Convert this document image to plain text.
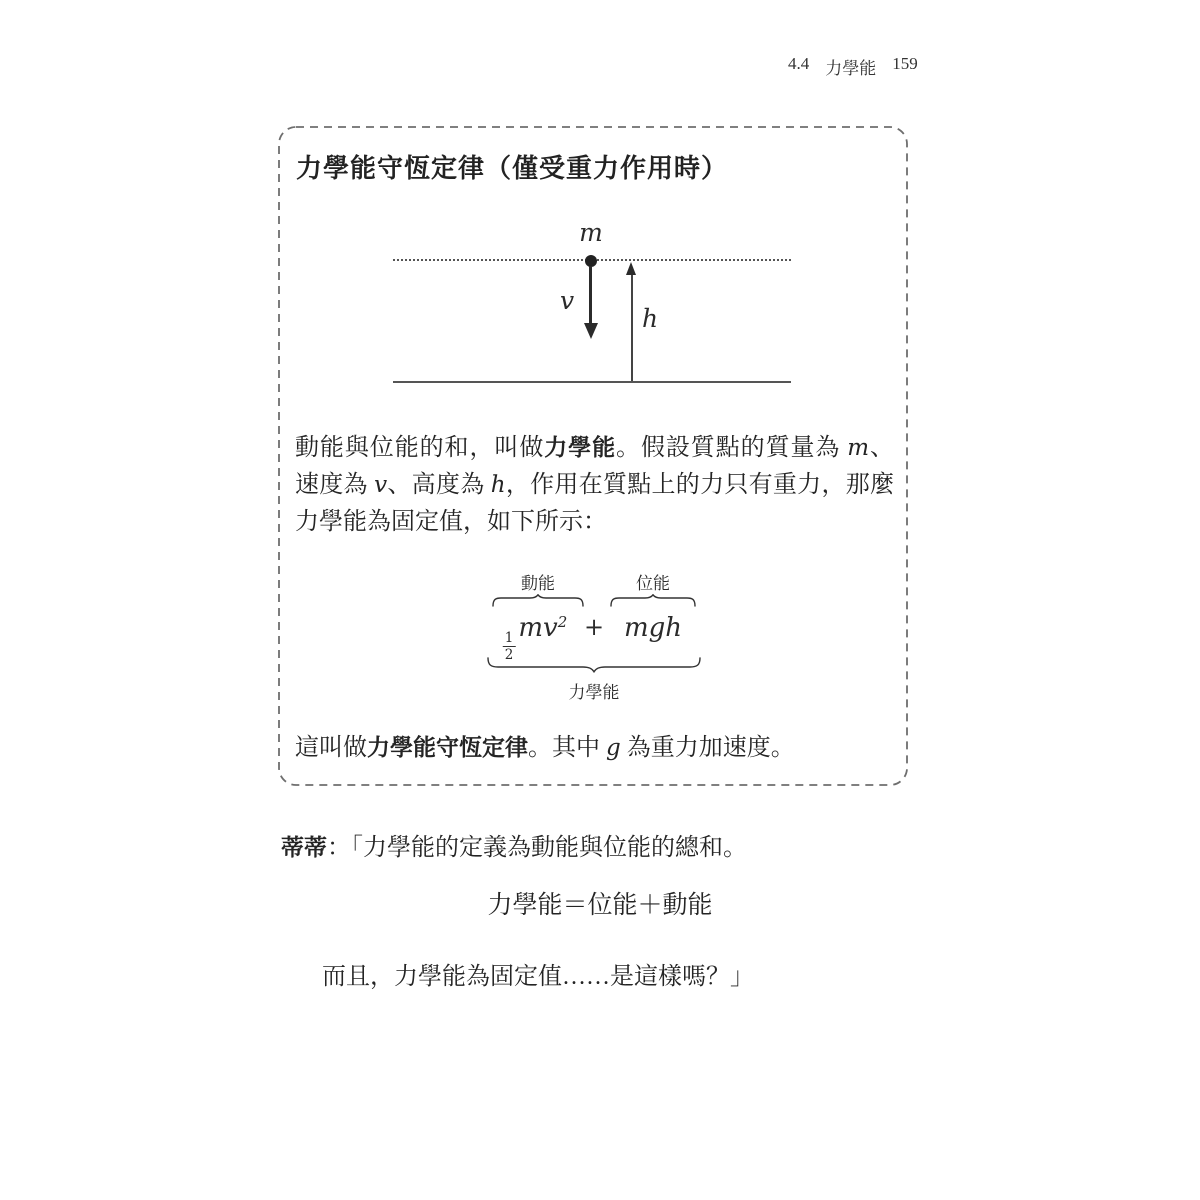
4.4 力學能 159
力學能守恆定律（僅受重力作用時）
m
v
h

動能與位能的和，叫做力學能。假設質點的質量為 m、速度為 v、高度為 h，作用在質點上的力只有重力，那麼力學能為固定值，如下所示：

動能	位能
$\frac{1}{2}$
$mv^2$ + mgh
力學能

這叫做力學能守恆定律。其中 g 為重力加速度。

蒂蒂：「力學能的定義為動能與位能的總和。

力學能＝位能＋動能

而且，力學能為固定值……是這樣嗎？」
